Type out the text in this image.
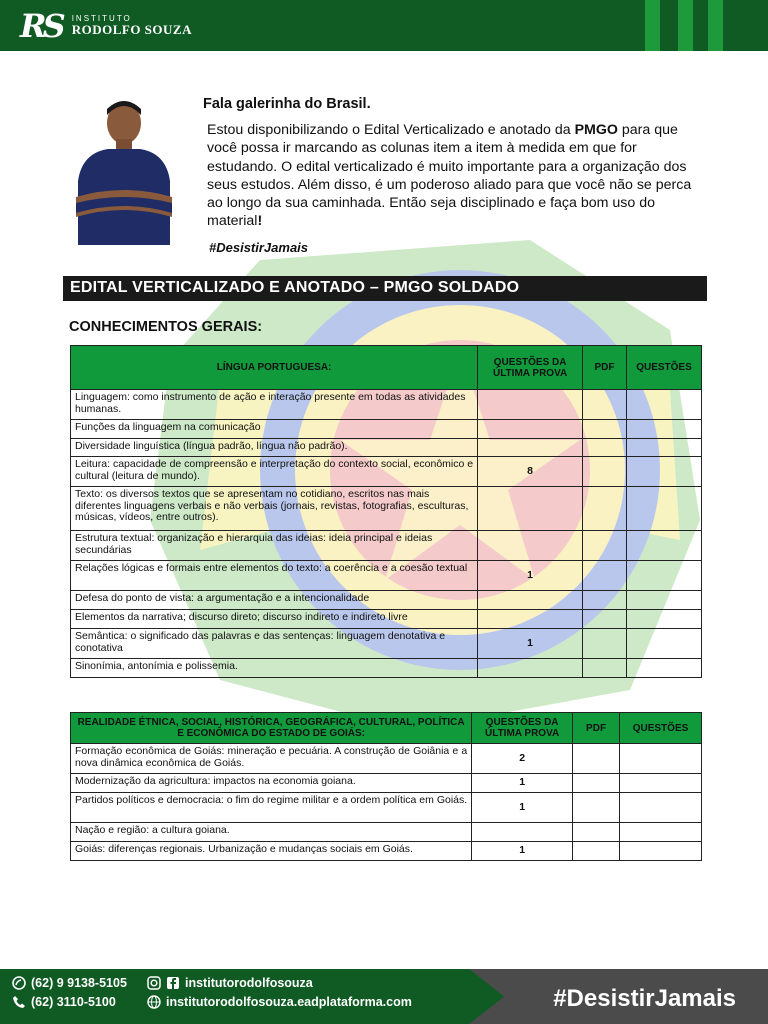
RS INSTITUTO
RODOLFO SOUZA
Fala galerinha do Brasil.
Estou disponibilizando o Edital Verticalizado e anotado da PMGO para que você possa ir marcando as colunas item a item à medida em que for estudando. O edital verticalizado é muito importante para a organização dos seus estudos. Além disso, é um poderoso aliado para que você não se perca ao longo da sua caminhada. Então seja disciplinado e faça bom uso do material!
#DesistirJamais
EDITAL VERTICALIZADO E ANOTADO – PMGO SOLDADO
CONHECIMENTOS GERAIS:
LÍNGUA PORTUGUESA:	QUESTÕES DA ÚLTIMA PROVA	PDF	QUESTÕES
Linguagem: como instrumento de ação e interação presente em todas as atividades humanas.			
Funções da linguagem na comunicação			
Diversidade linguística (língua padrão, língua não padrão).			
Leitura: capacidade de compreensão e interpretação do contexto social, econômico e cultural (leitura de mundo).	8		
Texto: os diversos textos que se apresentam no cotidiano, escritos nas mais diferentes linguagens verbais e não verbais (jornais, revistas, fotografias, esculturas, músicas, vídeos, entre outros).			
Estrutura textual: organização e hierarquia das ideias: ideia principal e ideias secundárias			
Relações lógicas e formais entre elementos do texto: a coerência e a coesão textual	1		
Defesa do ponto de vista: a argumentação e a intencionalidade			
Elementos da narrativa; discurso direto; discurso indireto e indireto livre			
Semântica: o significado das palavras e das sentenças: linguagem denotativa e conotativa	1		
Sinonímia, antonímia e polissemia.			
REALIDADE ÉTNICA, SOCIAL, HISTÓRICA, GEOGRÁFICA, CULTURAL, POLÍTICA E ECONÔMICA DO ESTADO DE GOIÁS:	QUESTÕES DA ÚLTIMA PROVA	PDF	QUESTÕES
Formação econômica de Goiás: mineração e pecuária. A construção de Goiânia e a nova dinâmica econômica de Goiás.	2		
Modernização da agricultura: impactos na economia goiana.	1		
Partidos políticos e democracia: o fim do regime militar e a ordem política em Goiás.	1		
Nação e região: a cultura goiana.			
Goiás: diferenças regionais. Urbanização e mudanças sociais em Goiás.	1		
(62) 9 9138-5105
(62) 3110-5100
institutorodolfosouza
institutorodolfosouza.eadplataforma.com	#DesistirJamais
